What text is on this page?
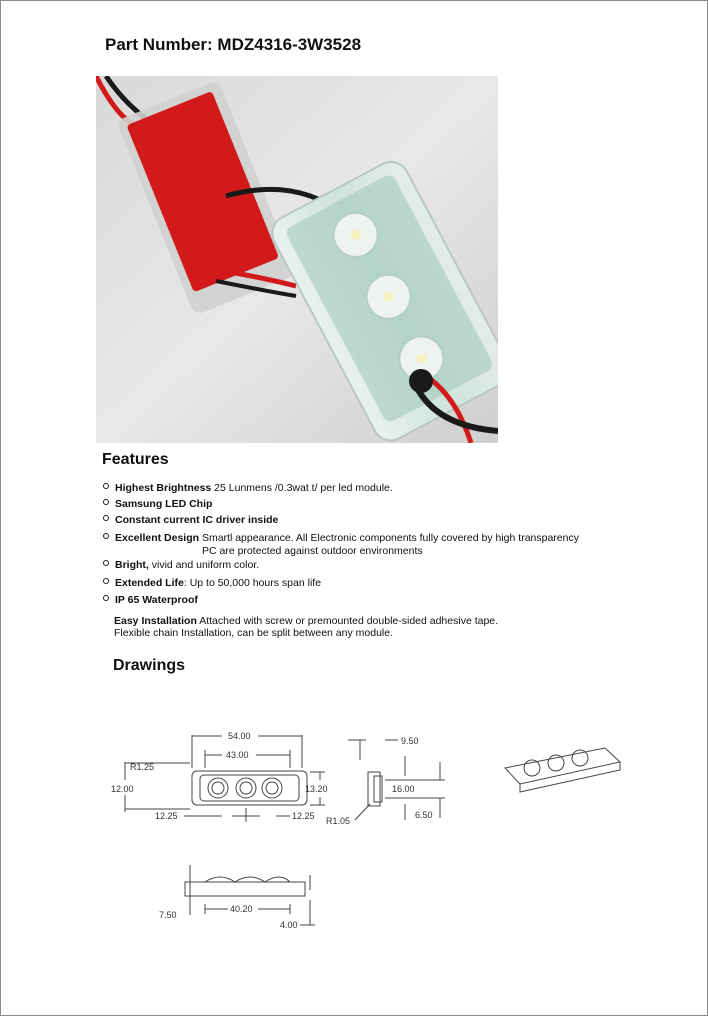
Part Number: MDZ4316-3W3528
Features
Highest Brightness 25 Lunmens /0.3wat t/ per led module.
Samsung LED Chip
Constant current IC driver inside
Excellent Design Smartl appearance. All Electronic components fully covered by high transparency
PC are protected against outdoor environments
Bright, vivid and uniform color.
Extended Life: Up to 50,000 hours span life
IP 65 Waterproof
Easy Installation Attached with screw or premounted double-sided adhesive tape.
Flexible chain Installation, can be split between any module.
Drawings
54.00
43.00
R1.25
12.00	13.20
12.25	12.25
9.50
16.00
6.50
R1.05
40.20
7.50
4.00
